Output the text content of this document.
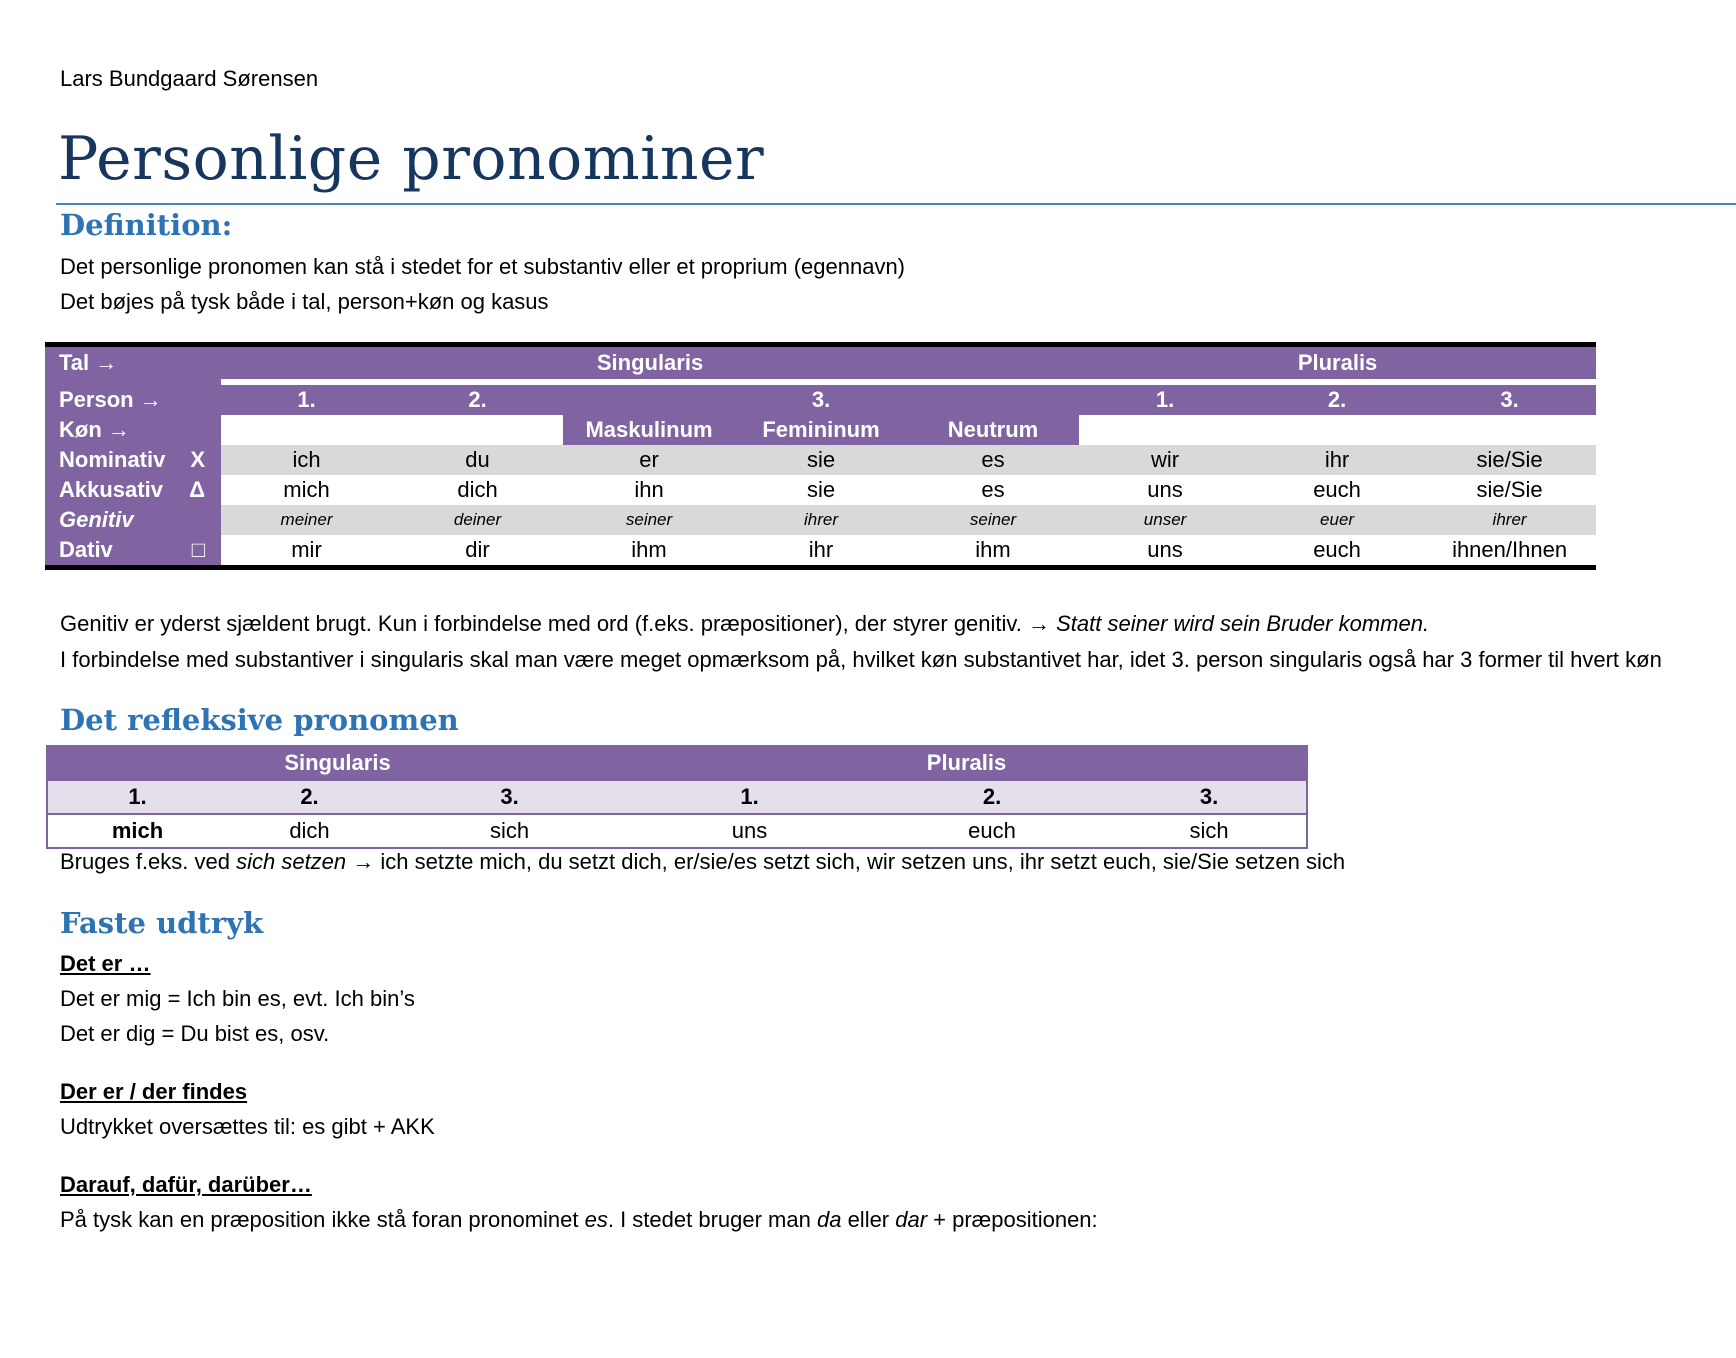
Lars Bundgaard Sørensen
Personlige pronominer
Definition:
Det personlige pronomen kan stå i stedet for et substantiv eller et proprium (egennavn)
Det bøjes på tysk både i tal, person+køn og kasus
Tal →		Singularis					Pluralis		

Person →		1.	2.	3.			1.	2.	3.
Køn →				Maskulinum	Femininum	Neutrum			
Nominativ	X	ich	du	er	sie	es	wir	ihr	sie/Sie
Akkusativ	Δ	mich	dich	ihn	sie	es	uns	euch	sie/Sie
Genitiv		meiner	deiner	seiner	ihrer	seiner	unser	euer	ihrer
Dativ	□	mir	dir	ihm	ihr	ihm	uns	euch	ihnen/Ihnen
Genitiv er yderst sjældent brugt. Kun i forbindelse med ord (f.eks. præpositioner), der styrer genitiv. → Statt seiner wird sein Bruder kommen.
I forbindelse med substantiver i singularis skal man være meget opmærksom på, hvilket køn substantivet har, idet 3. person singularis også har 3 former til hvert køn
Det refleksive pronomen
Singularis			Pluralis		
1.	2.	3.	1.	2.	3.
mich	dich	sich	uns	euch	sich
Bruges f.eks. ved sich setzen → ich setzte mich, du setzt dich, er/sie/es setzt sich, wir setzen uns, ihr setzt euch, sie/Sie setzen sich
Faste udtryk
Det er …
Det er mig = Ich bin es, evt. Ich bin’s
Det er dig = Du bist es, osv.
Der er / der findes
Udtrykket oversættes til: es gibt + AKK
Darauf, dafür, darüber…
På tysk kan en præposition ikke stå foran pronominet es. I stedet bruger man da eller dar + præpositionen:
